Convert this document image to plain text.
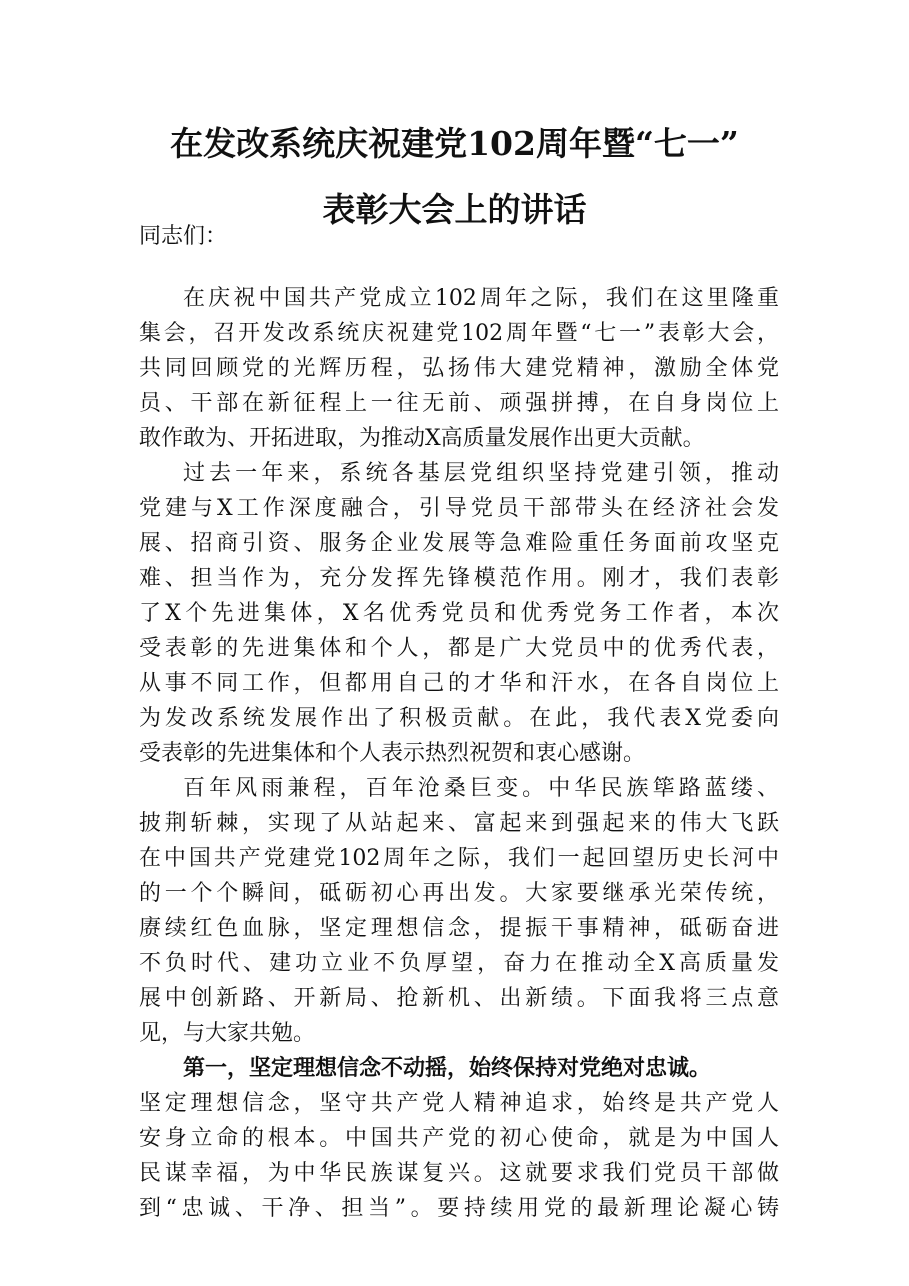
在发改系统庆祝建党102周年暨“七一”
表彰大会上的讲话
同志们：
在庆祝中国共产党成立102周年之际，我们在这里隆重
集会，召开发改系统庆祝建党102周年暨“七一”表彰大会，
共同回顾党的光辉历程，弘扬伟大建党精神，激励全体党
员、干部在新征程上一往无前、顽强拼搏，在自身岗位上
敢作敢为、开拓进取，为推动X高质量发展作出更大贡献。
过去一年来，系统各基层党组织坚持党建引领，推动
党建与X工作深度融合，引导党员干部带头在经济社会发
展、招商引资、服务企业发展等急难险重任务面前攻坚克
难、担当作为，充分发挥先锋模范作用。刚才，我们表彰
了X个先进集体，X名优秀党员和优秀党务工作者，本次
受表彰的先进集体和个人，都是广大党员中的优秀代表，
从事不同工作，但都用自己的才华和汗水，在各自岗位上
为发改系统发展作出了积极贡献。在此，我代表X党委向
受表彰的先进集体和个人表示热烈祝贺和衷心感谢。
百年风雨兼程，百年沧桑巨变。中华民族筚路蓝缕、
披荆斩棘，实现了从站起来、富起来到强起来的伟大飞跃
在中国共产党建党102周年之际，我们一起回望历史长河中
的一个个瞬间，砥砺初心再出发。大家要继承光荣传统，
赓续红色血脉，坚定理想信念，提振干事精神，砥砺奋进
不负时代、建功立业不负厚望，奋力在推动全X高质量发
展中创新路、开新局、抢新机、出新绩。下面我将三点意
见，与大家共勉。
第一，坚定理想信念不动摇，始终保持对党绝对忠诚。
坚定理想信念，坚守共产党人精神追求，始终是共产党人
安身立命的根本。中国共产党的初心使命，就是为中国人
民谋幸福，为中华民族谋复兴。这就要求我们党员干部做
到“忠诚、干净、担当”。要持续用党的最新理论凝心铸
